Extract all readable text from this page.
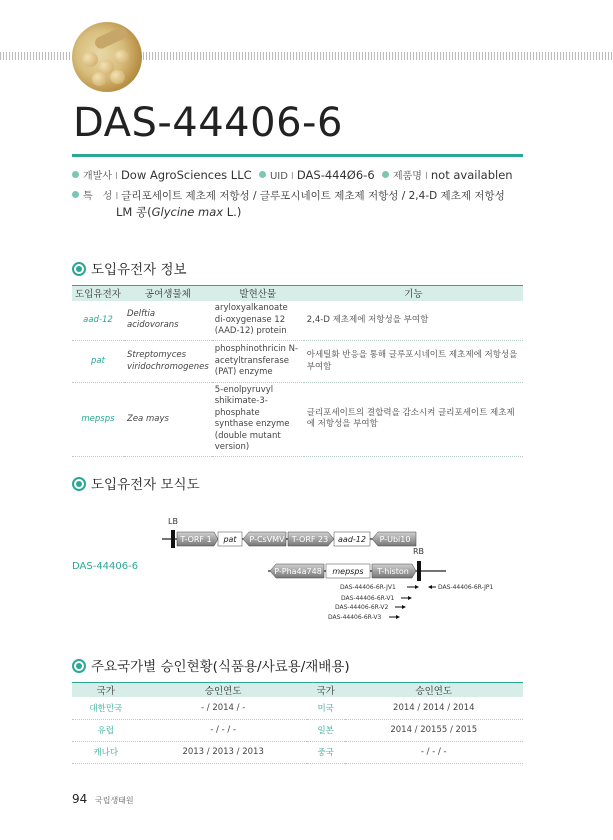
DAS-44406-6
개발사 I Dow AgroSciences LLC UID I DAS-444Ø6-6 제품명 I not availablen
특　성 I 글리포세이트 제초제 저항성 / 글루포시네이트 제초제 저항성 / 2,4-D 제초제 저항성
LM 콩(Glycine max L.)
도입유전자 정보
도입유전자	공여생물체	발현산물	기능
aad-12	Delftia acidovorans	aryloxyalkanoate di-oxygenase 12 (AAD-12) protein	2,4-D 제초제에 저항성을 부여함
pat	Streptomyces viridochromogenes	phosphinothricin N-acetyltransferase (PAT) enzyme	아세틸화 반응을 통해 글루포시네이트 제초제에 저항성을 부여함
mepsps	Zea mays	5-enolpyruvyl shikimate-3-phosphate synthase enzyme (double mutant version)	글리포세이트의 결합력을 감소시켜 글리포세이트 제초제에 저항성을 부여함
도입유전자 모식도
DAS-44406-6
LB
T-ORF 1 pat P-CsVMV T-ORF 23 aad-12 P-Ubi10
RB
P-Pha4a748 mepsps T-histon
DAS-44406-6R-JV1	DAS-44406-6R-JP1
DAS-44406-6R-V1
DAS-44406-6R-V2
DAS-44406-6R-V3
주요국가별 승인현황(식품용/사료용/재배용)
국가	승인연도	국가	승인연도
대한민국	- / 2014 / -	미국	2014 / 2014 / 2014
유럽	- / - / -	일본	2014 / 20155 / 2015
캐나다	2013 / 2013 / 2013	중국	- / - / -
94 국립생태원
